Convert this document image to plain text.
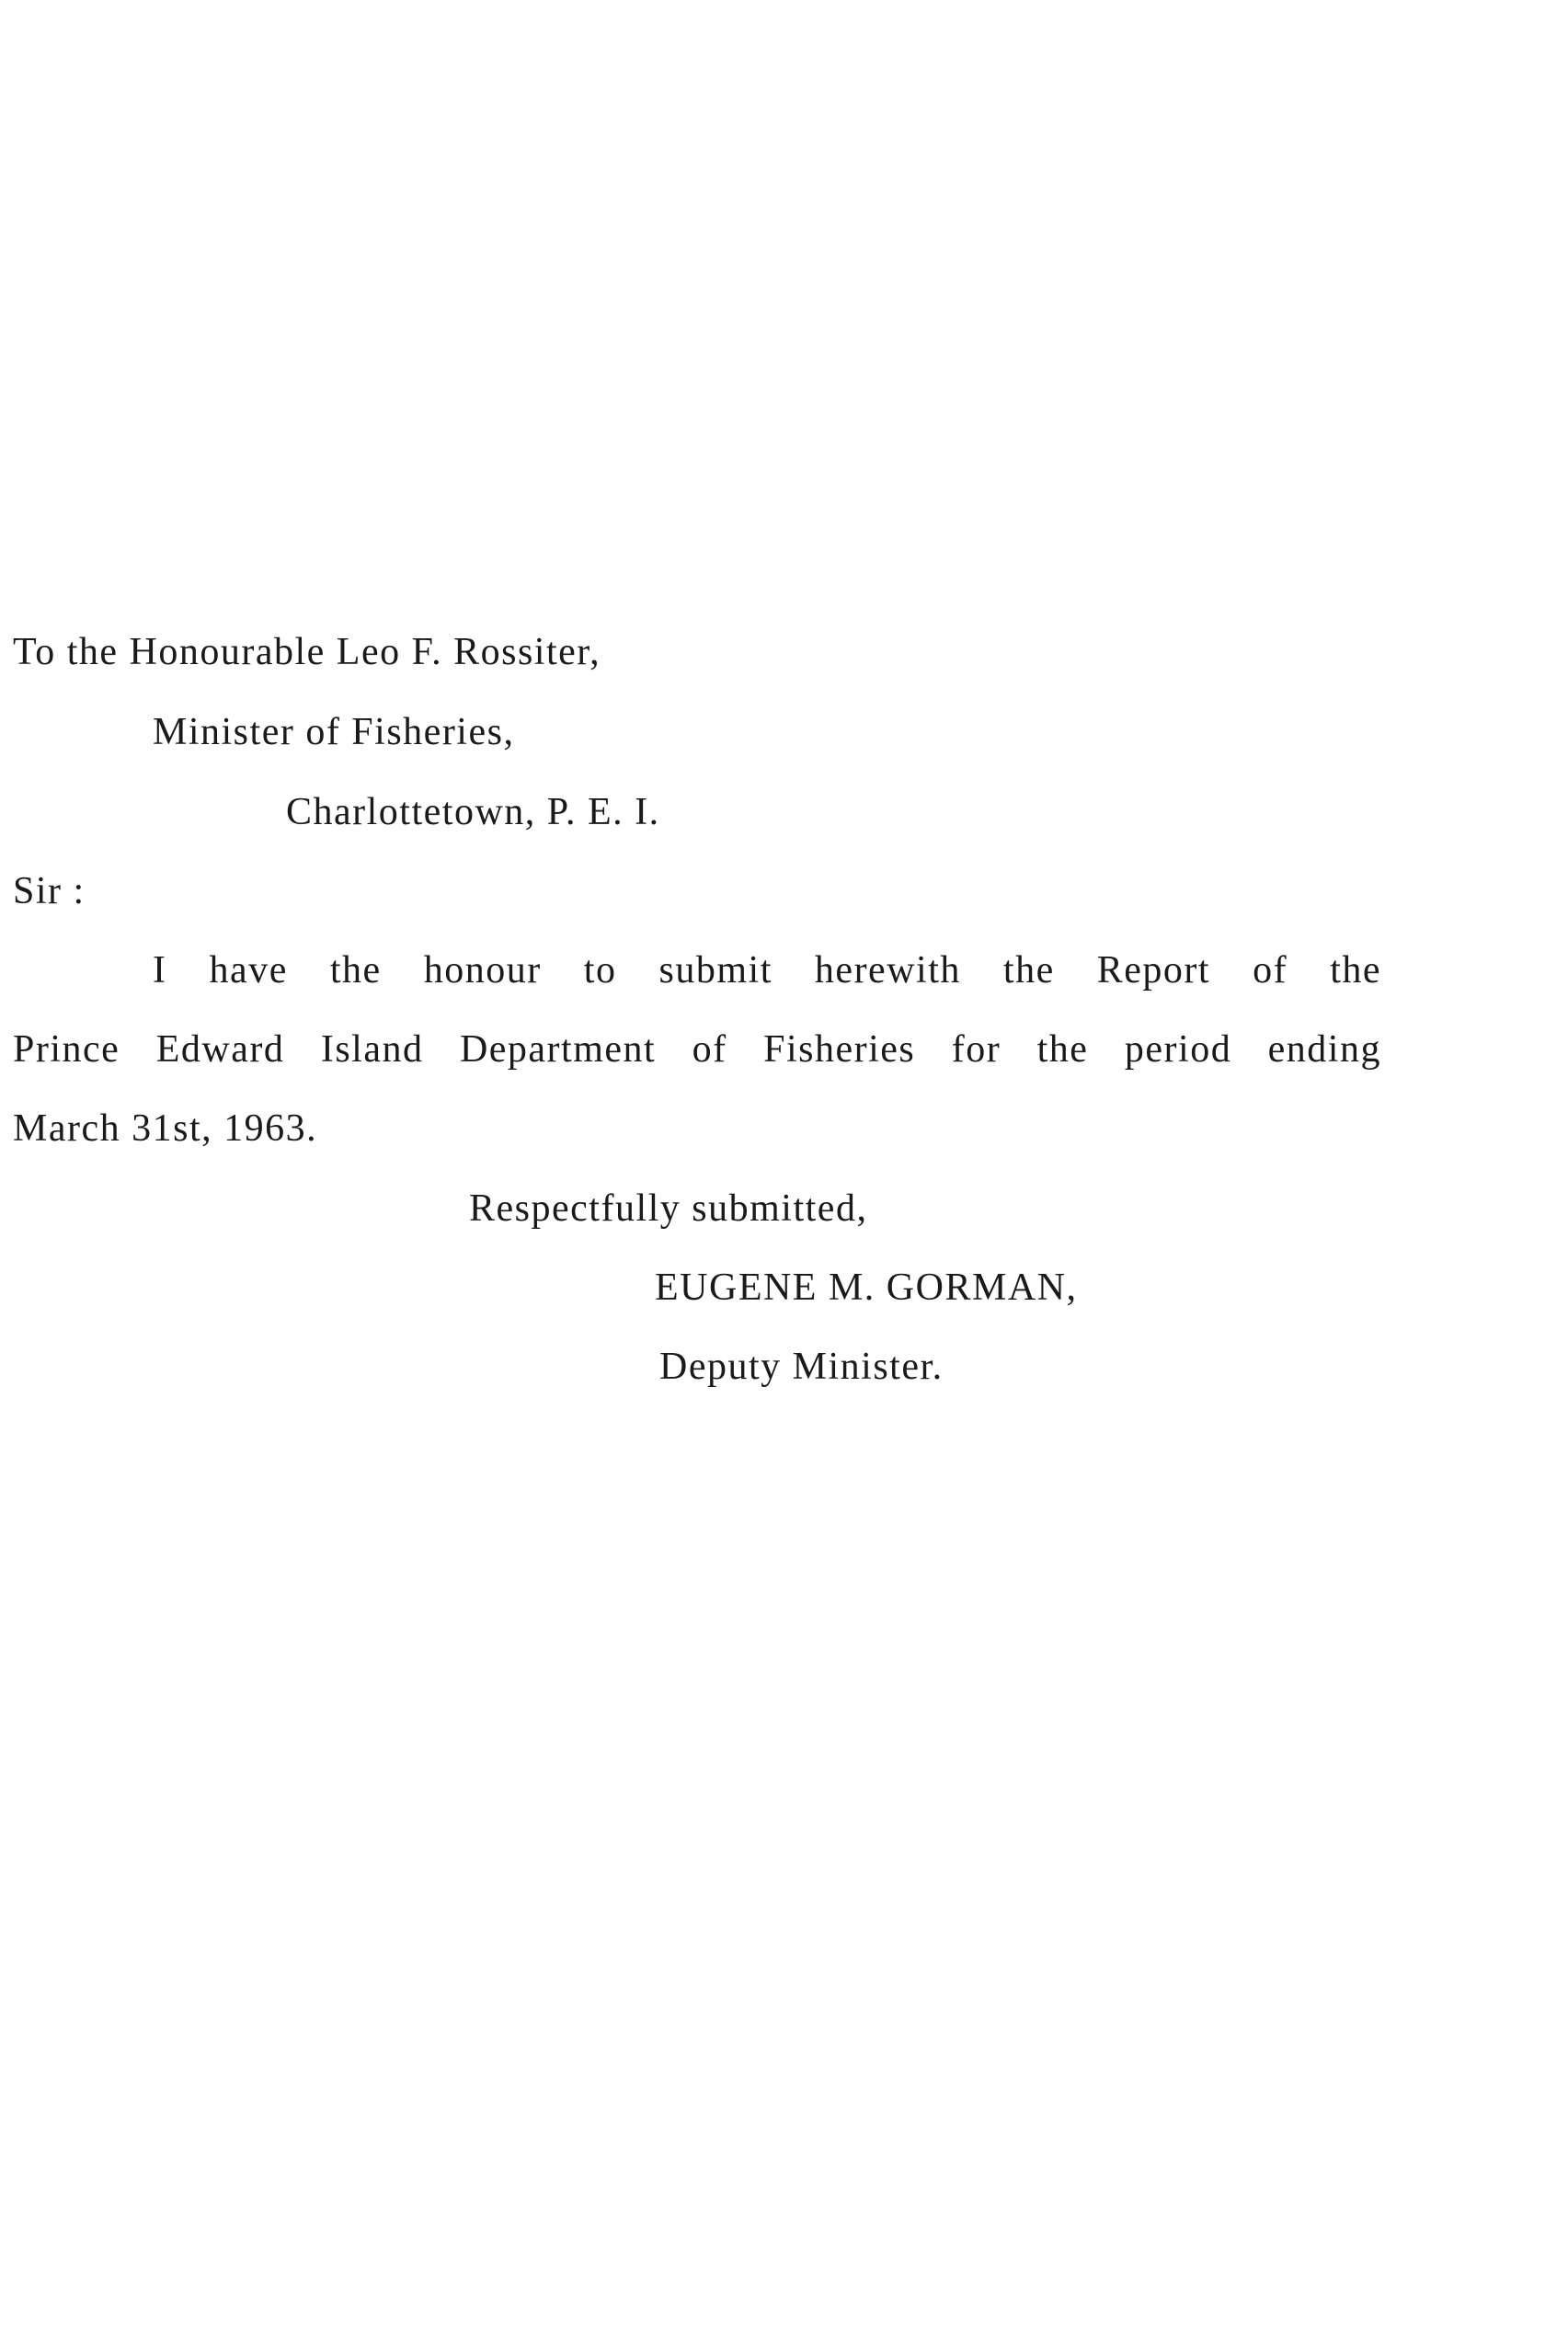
To the Honourable Leo F. Rossiter,
Minister of Fisheries,
Charlottetown, P. E. I.
Sir :
I have the honour to submit herewith the Report of the
Prince Edward Island Department of Fisheries for the period ending
March 31st, 1963.
Respectfully submitted,
EUGENE M. GORMAN,
Deputy Minister.
